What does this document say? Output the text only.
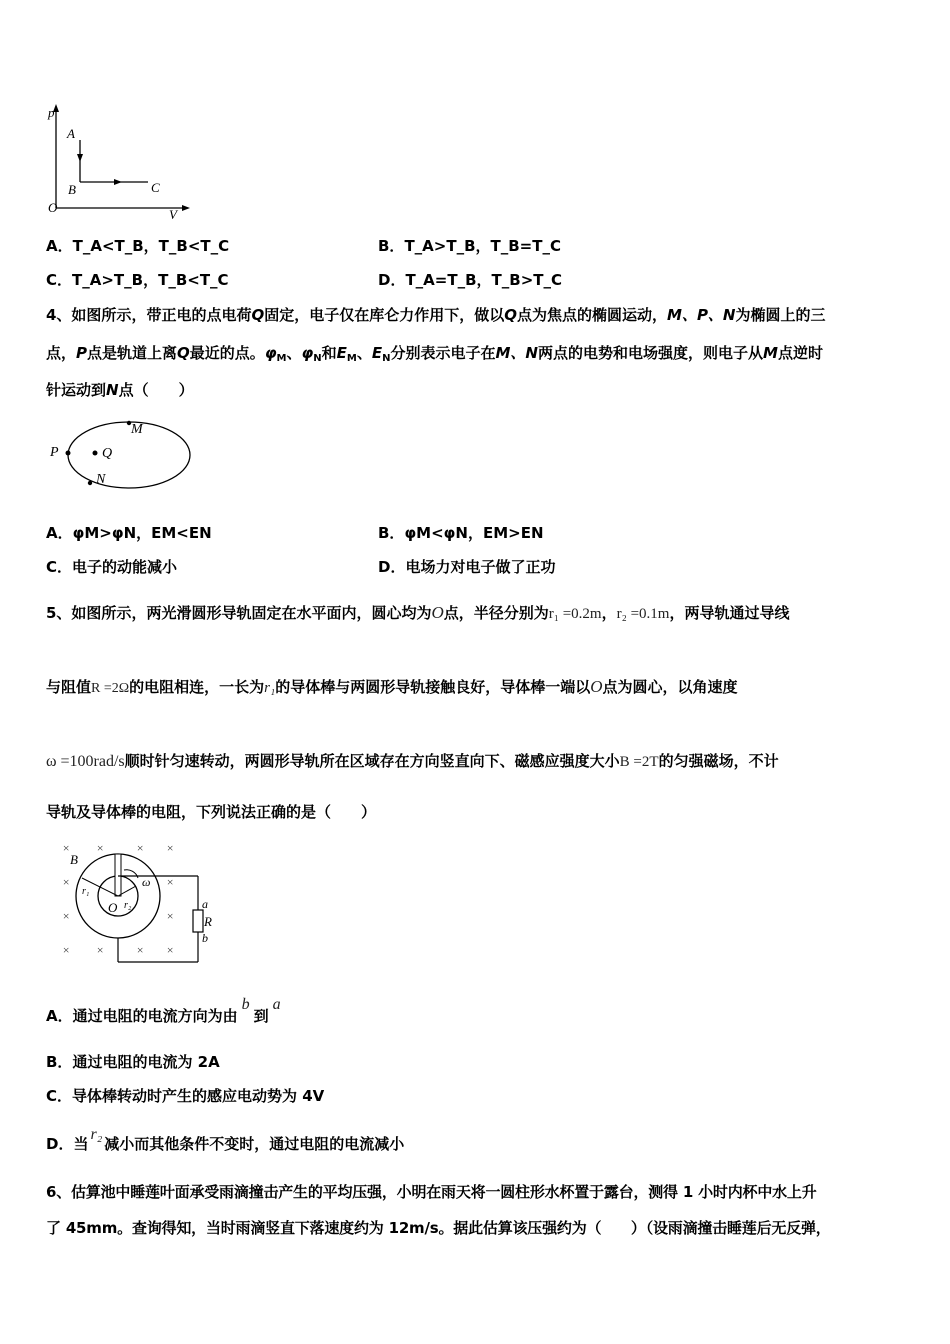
p
A
B	C
O	V
A．T_A<T_B，T_B<T_C	B．T_A>T_B，T_B=T_C
C．T_A>T_B，T_B<T_C	D．T_A=T_B，T_B>T_C
4、如图所示，带正电的点电荷Q固定，电子仅在库仑力作用下，做以Q点为焦点的椭圆运动，M、P、N为椭圆上的三
点，P点是轨道上离Q最近的点。$\varphi_M$、$\varphi_N$和$E_M$、$E_N$分别表示电子在M、N两点的电势和电场强度，则电子从M点逆时
针运动到N点（　　）
P	Q
M
N
A．φM>φN，EM<EN	B．φM<φN，EM>EN
C．电子的动能减小	D．电场力对电子做了正功
5、如图所示，两光滑圆形导轨固定在水平面内，圆心均为O点，半径分别为r₁ =0.2m，r₂ =0.1m，两导轨通过导线
与阻值R =2Ω的电阻相连，一长为r₁的导体棒与两圆形导轨接触良好，导体棒一端以O点为圆心，以角速度
ω =100rad/s顺时针匀速转动，两圆形导轨所在区域存在方向竖直向下、磁感应强度大小B =2T的匀强磁场，不计
导轨及导体棒的电阻，下列说法正确的是（　　）
× ×	× ×
×	×
×	×
× ×	× ×
B
r₁
r₂
O
ω
a
R
b
A．通过电阻的电流方向为由b到a
B．通过电阻的电流为 2A
C．导体棒转动时产生的感应电动势为 4V
D．当r₂减小而其他条件不变时，通过电阻的电流减小
6、估算池中睡莲叶面承受雨滴撞击产生的平均压强，小明在雨天将一圆柱形水杯置于露台，测得 1 小时内杯中水上升
了 45mm。查询得知，当时雨滴竖直下落速度约为 12m/s。据此估算该压强约为（　　）（设雨滴撞击睡莲后无反弹，
